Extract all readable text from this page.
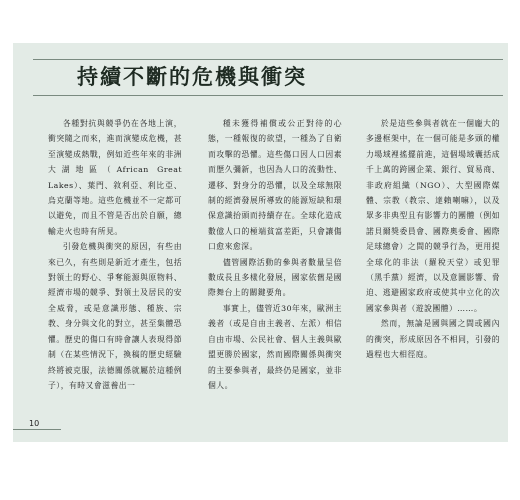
持續不斷的危機與衝突

各種對抗與競爭仍在各地上演，衝突隨之而來，進而演變成危機，甚至演變成熱戰，例如近些年來的非洲大湖地區（African Great Lakes）、葉門、敘利亞、利比亞、烏克蘭等地。這些危機並不一定都可以避免，而且不管是否出於自願，總輸走火也時有所見。

引發危機與衝突的原因，有些由來已久，有些則是新近才產生，包括對領土的野心、爭奪能源與原物料、經濟市場的競爭、對領土及居民的安全威脅，或是意識形態、種族、宗教、身分與文化的對立，甚至集體恐懼。歷史的傷口有時會讓人表現得節制（在某些情況下，換稿的歷史經驗終將被克服，法德關係就屬於這種例子），有時又會滋養出一

種未獲得補償或公正對待的心態，一種報復的欲望，一種為了自衛而攻擊的恐懼。這些傷口因人口因素而歷久彌新，也因為人口的流動性、遷移、對身分的恐懼，以及全球無限制的經濟發展所導致的能源短缺和環保意識抬頭而持續存在。全球化造成數億人口的極端貧富差距，只會讓傷口愈來愈深。

儘管國際活動的參與者數量呈倍數成長且多樣化發展，國家依舊是國際舞台上的關鍵要角。

事實上，儘管近30年來，歐洲主義者（或是自由主義者、左派）相信自由市場、公民社會、個人主義與歐盟更勝於國家，然而國際關係與衝突的主要參與者，最終仍是國家，並非個人。

於是這些參與者就在一個龐大的多邊框架中，在一個可能是多頭的權力場域裡搖擺前進，這個場域囊括成千上萬的跨國企業、銀行、貿易商、非政府組織（NGO）、大型國際媒體、宗教（教宗、達賴喇嘛），以及眾多非典型且有影響力的團體（例如諾貝爾獎委員會、國際奧委會、國際足球總會）之間的競爭行為，更用提全球化的非法（羅稅天堂）或犯罪（黑手黨）經濟，以及意圖影響、脅迫、逃避國家政府或使其中立化的次國家參與者（遊說團體）……。

然而，無論是國與國之間或國內的衝突，形成原因各不相同，引發的過程也大相徑庭。

10
